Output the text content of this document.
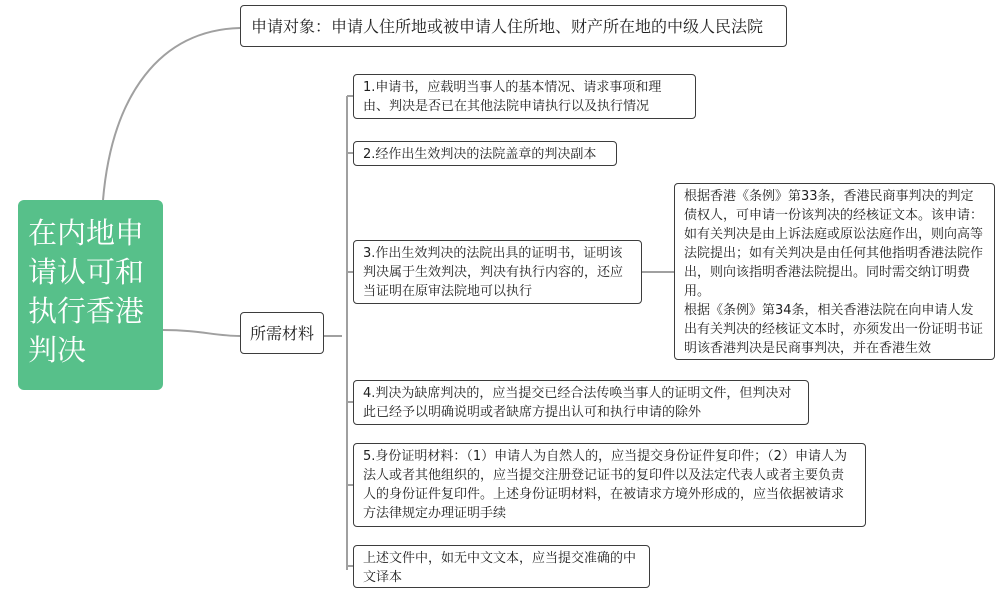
在内地申请认可和执行香港判决
申请对象：申请人住所地或被申请人住所地、财产所在地的中级人民法院
所需材料
1.申请书，应载明当事人的基本情况、请求事项和理由、判决是否已在其他法院申请执行以及执行情况
2.经作出生效判决的法院盖章的判决副本
3.作出生效判决的法院出具的证明书，证明该判决属于生效判决，判决有执行内容的，还应当证明在原审法院地可以执行

根据香港《条例》第33条，香港民商事判决的判定债权人，可申请一份该判决的经核证文本。该申请：如有关判决是由上诉法庭或原讼法庭作出，则向高等法院提出；如有关判决是由任何其他指明香港法院作出，则向该指明香港法院提出。同时需交纳订明费用。

根据《条例》第34条，相关香港法院在向申请人发出有关判决的经核证文本时，亦须发出一份证明书证明该香港判决是民商事判决，并在香港生效

4.判决为缺席判决的，应当提交已经合法传唤当事人的证明文件，但判决对此已经予以明确说明或者缺席方提出认可和执行申请的除外
5.身份证明材料：（1）申请人为自然人的，应当提交身份证件复印件；（2）申请人为法人或者其他组织的，应当提交注册登记证书的复印件以及法定代表人或者主要负责人的身份证件复印件。上述身份证明材料，在被请求方境外形成的，应当依据被请求方法律规定办理证明手续
上述文件中，如无中文文本，应当提交准确的中文译本
